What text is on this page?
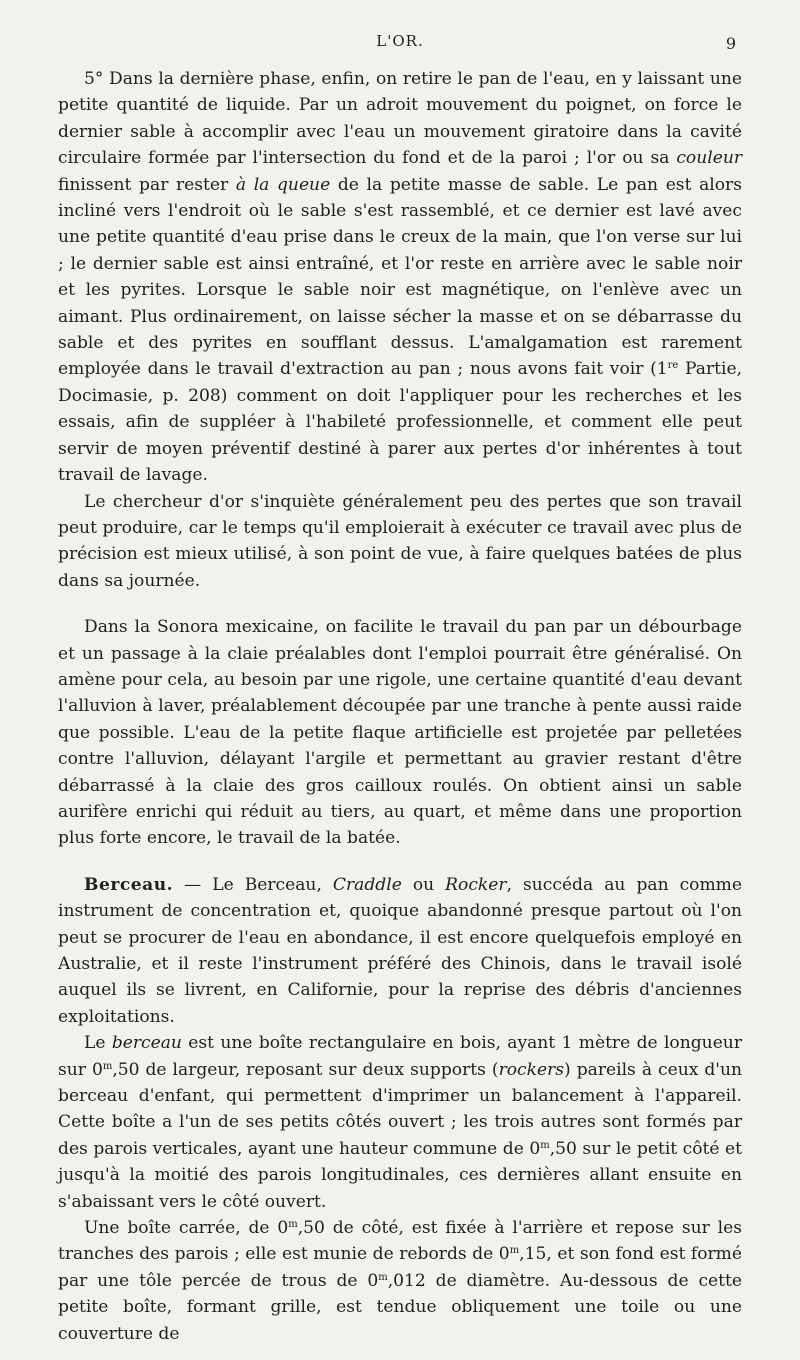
L'OR.	9

5° Dans la dernière phase, enfin, on retire le pan de l'eau, en y laissant une petite quantité de liquide. Par un adroit mouvement du poignet, on force le dernier sable à accomplir avec l'eau un mouvement giratoire dans la cavité circulaire formée par l'intersection du fond et de la paroi ; l'or ou sa couleur finissent par rester à la queue de la petite masse de sable. Le pan est alors incliné vers l'endroit où le sable s'est rassemblé, et ce dernier est lavé avec une petite quantité d'eau prise dans le creux de la main, que l'on verse sur lui ; le dernier sable est ainsi entraîné, et l'or reste en arrière avec le sable noir et les pyrites. Lorsque le sable noir est magnétique, on l'enlève avec un aimant. Plus ordinairement, on laisse sécher la masse et on se débarrasse du sable et des pyrites en soufflant dessus. L'amalgamation est rarement employée dans le travail d'extraction au pan ; nous avons fait voir (1re Partie, Docimasie, p. 208) comment on doit l'appliquer pour les recherches et les essais, afin de suppléer à l'habileté professionnelle, et comment elle peut servir de moyen préventif destiné à parer aux pertes d'or inhérentes à tout travail de lavage.

Le chercheur d'or s'inquiète généralement peu des pertes que son travail peut produire, car le temps qu'il emploierait à exécuter ce travail avec plus de précision est mieux utilisé, à son point de vue, à faire quelques batées de plus dans sa journée.

Dans la Sonora mexicaine, on facilite le travail du pan par un débourbage et un passage à la claie préalables dont l'emploi pourrait être généralisé. On amène pour cela, au besoin par une rigole, une certaine quantité d'eau devant l'alluvion à laver, préalablement découpée par une tranche à pente aussi raide que possible. L'eau de la petite flaque artificielle est projetée par pelletées contre l'alluvion, délayant l'argile et permettant au gravier restant d'être débarrassé à la claie des gros cailloux roulés. On obtient ainsi un sable aurifère enrichi qui réduit au tiers, au quart, et même dans une proportion plus forte encore, le travail de la batée.

Berceau. — Le Berceau, Craddle ou Rocker, succéda au pan comme instrument de concentration et, quoique abandonné presque partout où l'on peut se procurer de l'eau en abondance, il est encore quelquefois employé en Australie, et il reste l'instrument préféré des Chinois, dans le travail isolé auquel ils se livrent, en Californie, pour la reprise des débris d'anciennes exploitations.

Le berceau est une boîte rectangulaire en bois, ayant 1 mètre de longueur sur 0$^m$,50 de largeur, reposant sur deux supports (rockers) pareils à ceux d'un berceau d'enfant, qui permettent d'imprimer un balancement à l'appareil. Cette boîte a l'un de ses petits côtés ouvert ; les trois autres sont formés par des parois verticales, ayant une hauteur commune de 0$^m$,50 sur le petit côté et jusqu'à la moitié des parois longitudinales, ces dernières allant ensuite en s'abaissant vers le côté ouvert.

Une boîte carrée, de 0$^m$,50 de côté, est fixée à l'arrière et repose sur les tranches des parois ; elle est munie de rebords de 0$^m$,15, et son fond est formé par une tôle percée de trous de 0$^m$,012 de diamètre. Au-dessous de cette petite boîte, formant grille, est tendue obliquement une toile ou une couverture de
